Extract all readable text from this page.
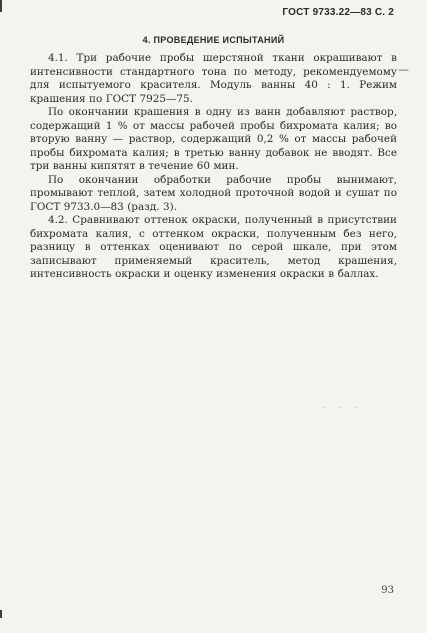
ГОСТ 9733.22—83 С. 2
4. ПРОВЕДЕНИЕ ИСПЫТАНИЙ
—

4.1. Три рабочие пробы шерстяной ткани окрашивают в интенсивности стандартного тона по методу, рекомендуемому для испытуемого красителя. Модуль ванны 40 : 1. Режим крашения по ГОСТ 7925—75.

По окончании крашения в одну из ванн добавляют раствор, содержащий 1 % от массы рабочей пробы бихромата калия; во вторую ванну — раствор, содержащий 0,2 % от массы рабочей пробы бихромата калия; в третью ванну добавок не вводят. Все три ванны кипятят в течение 60 мин.

По окончании обработки рабочие пробы вынимают, промывают теплой, затем холодной проточной водой и сушат по ГОСТ 9733.0—83 (разд. 3).

4.2. Сравнивают оттенок окраски, полученный в присутствии бихромата калия, с оттенком окраски, полученным без него, разницу в оттенках оценивают по серой шкале, при этом записывают применяемый краситель, метод крашения, интенсивность окраски и оценку изменения окраски в баллах.

· · ·
93
